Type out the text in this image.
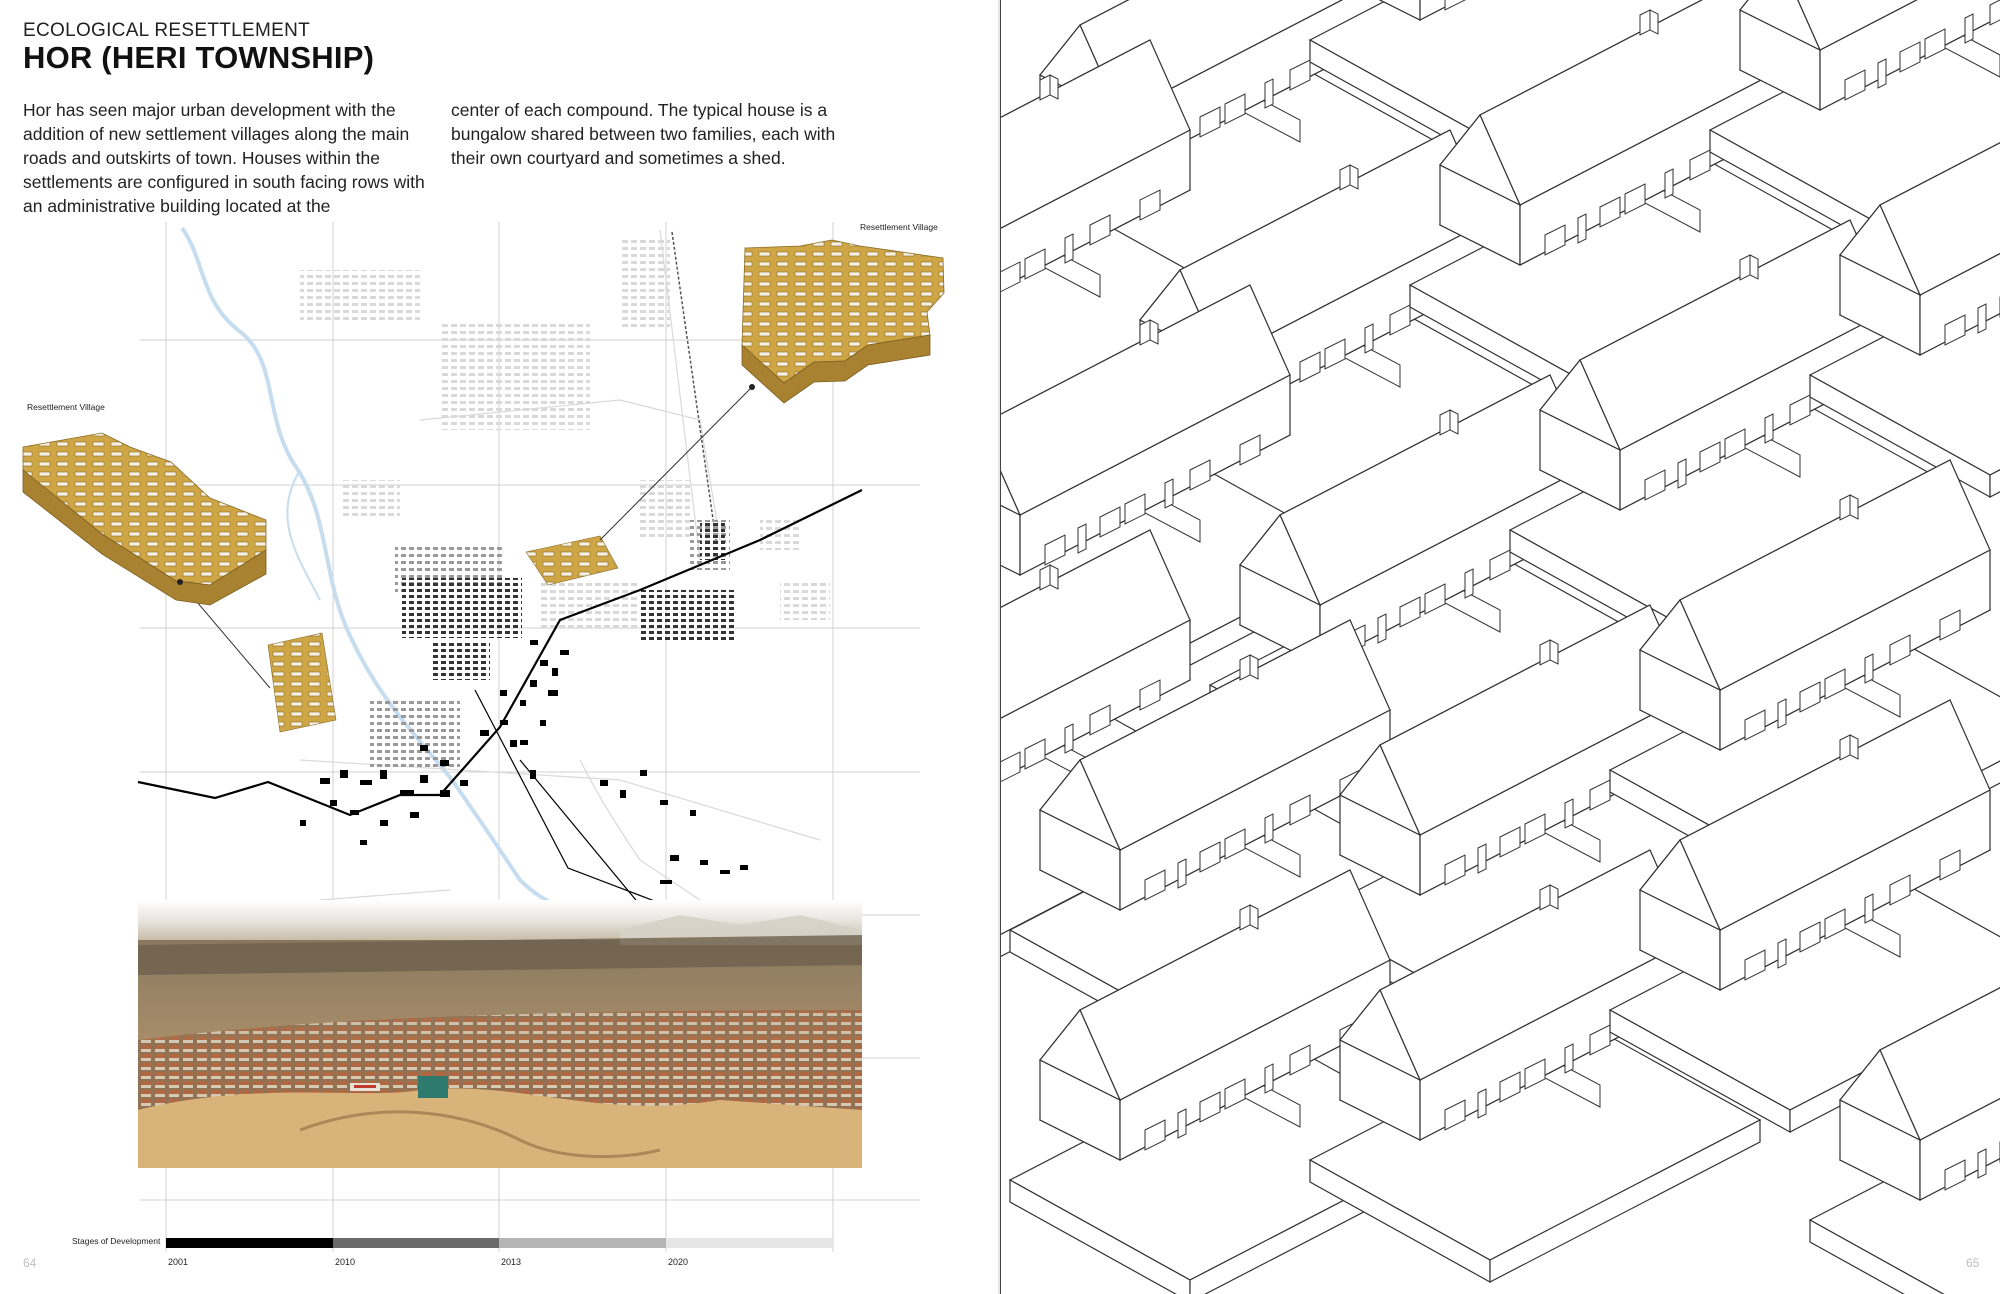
ECOLOGICAL RESETTLEMENT
HOR (HERI TOWNSHIP)
Hor has seen major urban development with the addition of new settlement villages along the main roads and outskirts of town. Houses within the settlements are configured in south facing rows with an administrative building located at the
center of each compound. The typical house is a bungalow shared between two families, each with their own courtyard and sometimes a shed.
Resettlement Village
Resettlement Village
Stages of Development
2001	2010	2013	2020
64	65
